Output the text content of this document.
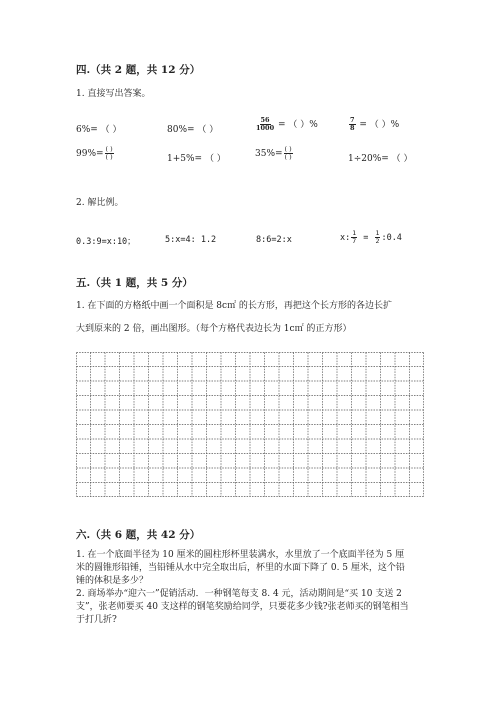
四.（共 2 题，共 12 分）
1. 直接写出答案。
6%= （ ）	80%= （ ）	$\frac{56}{1000}$ = （ ）%	$\frac{7}{8}$ = （ ）%
$99\%= \frac{( )}{( )}$	1+5%= （ ）	$35\%= \frac{( )}{( )}$	1÷20%= （ ）
2. 解比例。
0.3:9=x:10；	5:x=4: 1.2	8:6=2:x	x: $\frac{1}{7} = \frac{1}{2}$ :0.4
五.（共 1 题，共 5 分）
1. 在下面的方格纸中画一个面积是 8c㎡ 的长方形，再把这个长方形的各边长扩
大到原来的 2 倍，画出图形。（每个方格代表边长为 1c㎡ 的正方形）
六.（共 6 题，共 42 分）
1. 在一个底面半径为 10 厘米的圆柱形杯里装满水，水里放了一个底面半径为 5 厘米的圆锥形铅锤，当铅锤从水中完全取出后，杯里的水面下降了 0. 5 厘米，这个铅锤的体积是多少？
2. 商场举办“迎六一”促销活动．一种钢笔每支 8. 4 元，活动期间是“买 10 支送 2 支”，张老师要买 40 支这样的钢笔奖励给同学，只要花多少钱?张老师买的钢笔相当于打几折?
